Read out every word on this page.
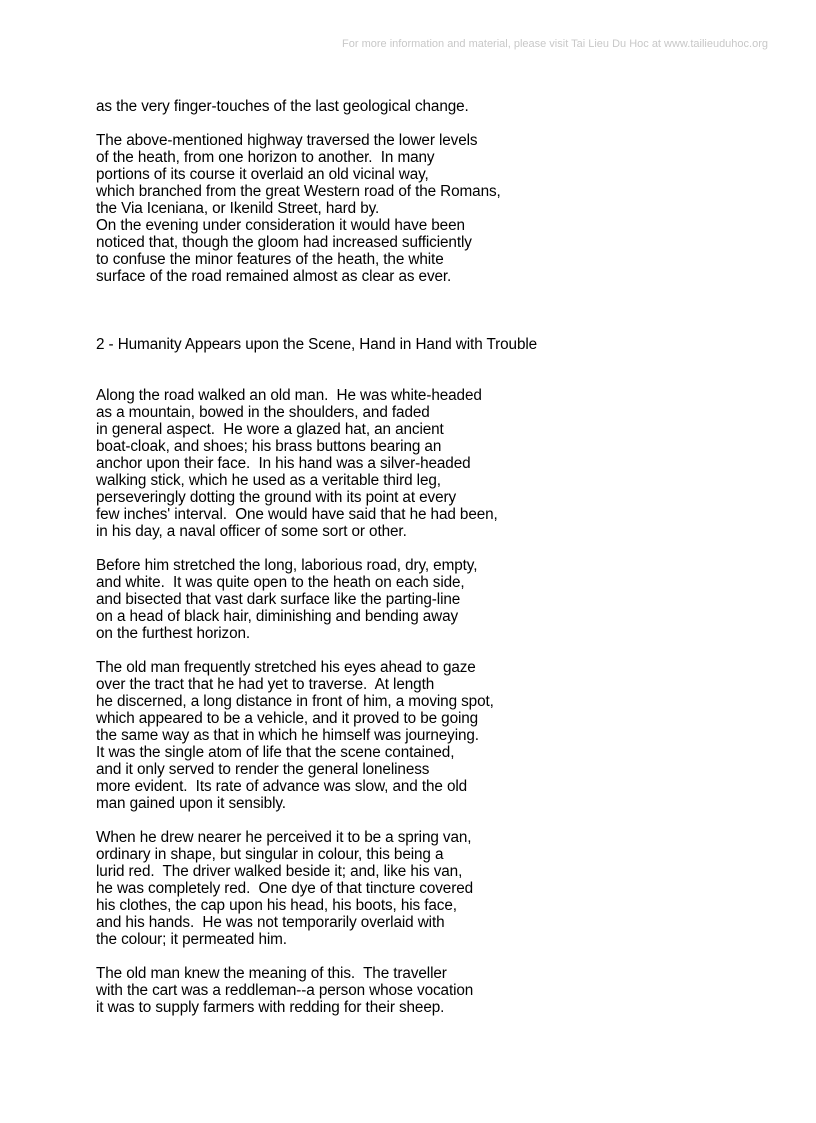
For more information and material, please visit Tai Lieu Du Hoc at www.tailieuduhoc.org
as the very finger-touches of the last geological change.
The above-mentioned highway traversed the lower levels
of the heath, from one horizon to another.  In many
portions of its course it overlaid an old vicinal way,
which branched from the great Western road of the Romans,
the Via Iceniana, or Ikenild Street, hard by.
On the evening under consideration it would have been
noticed that, though the gloom had increased sufficiently
to confuse the minor features of the heath, the white
surface of the road remained almost as clear as ever.
2 - Humanity Appears upon the Scene, Hand in Hand with Trouble
Along the road walked an old man.  He was white-headed
as a mountain, bowed in the shoulders, and faded
in general aspect.  He wore a glazed hat, an ancient
boat-cloak, and shoes; his brass buttons bearing an
anchor upon their face.  In his hand was a silver-headed
walking stick, which he used as a veritable third leg,
perseveringly dotting the ground with its point at every
few inches' interval.  One would have said that he had been,
in his day, a naval officer of some sort or other.
Before him stretched the long, laborious road, dry, empty,
and white.  It was quite open to the heath on each side,
and bisected that vast dark surface like the parting-line
on a head of black hair, diminishing and bending away
on the furthest horizon.
The old man frequently stretched his eyes ahead to gaze
over the tract that he had yet to traverse.  At length
he discerned, a long distance in front of him, a moving spot,
which appeared to be a vehicle, and it proved to be going
the same way as that in which he himself was journeying.
It was the single atom of life that the scene contained,
and it only served to render the general loneliness
more evident.  Its rate of advance was slow, and the old
man gained upon it sensibly.
When he drew nearer he perceived it to be a spring van,
ordinary in shape, but singular in colour, this being a
lurid red.  The driver walked beside it; and, like his van,
he was completely red.  One dye of that tincture covered
his clothes, the cap upon his head, his boots, his face,
and his hands.  He was not temporarily overlaid with
the colour; it permeated him.
The old man knew the meaning of this.  The traveller
with the cart was a reddleman--a person whose vocation
it was to supply farmers with redding for their sheep.
